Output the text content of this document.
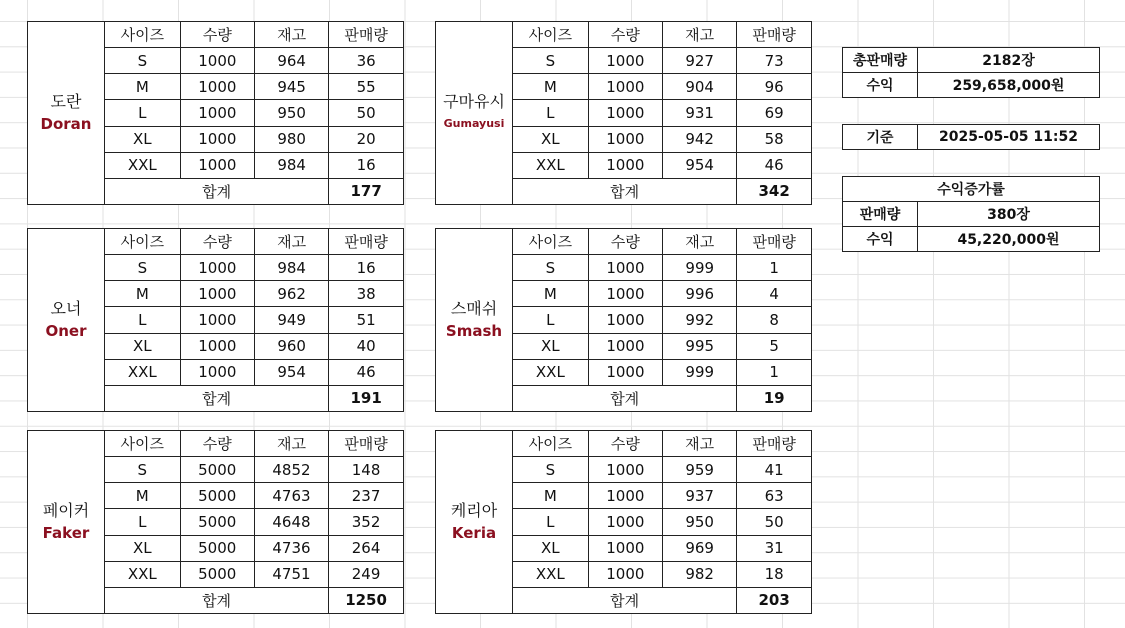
도란
Doran
사이즈	수량	재고	판매량
S	1000	964	36
M	1000	945	55
L	1000	950	50
XL	1000	980	20
XXL	1000	984	16
합계			177
구마유시
Gumayusi
사이즈	수량	재고	판매량
S	1000	927	73
M	1000	904	96
L	1000	931	69
XL	1000	942	58
XXL	1000	954	46
합계			342
오너
Oner
사이즈	수량	재고	판매량
S	1000	984	16
M	1000	962	38
L	1000	949	51
XL	1000	960	40
XXL	1000	954	46
합계			191
스매쉬
Smash
사이즈	수량	재고	판매량
S	1000	999	1
M	1000	996	4
L	1000	992	8
XL	1000	995	5
XXL	1000	999	1
합계			19
페이커
Faker
사이즈	수량	재고	판매량
S	5000	4852	148
M	5000	4763	237
L	5000	4648	352
XL	5000	4736	264
XXL	5000	4751	249
합계			1250
케리아
Keria
사이즈	수량	재고	판매량
S	1000	959	41
M	1000	937	63
L	1000	950	50
XL	1000	969	31
XXL	1000	982	18
합계			203
총판매량	2182장
수익	259,658,000원
기준	2025-05-05 11:52
수익증가률	
판매량	380장
수익	45,220,000원
